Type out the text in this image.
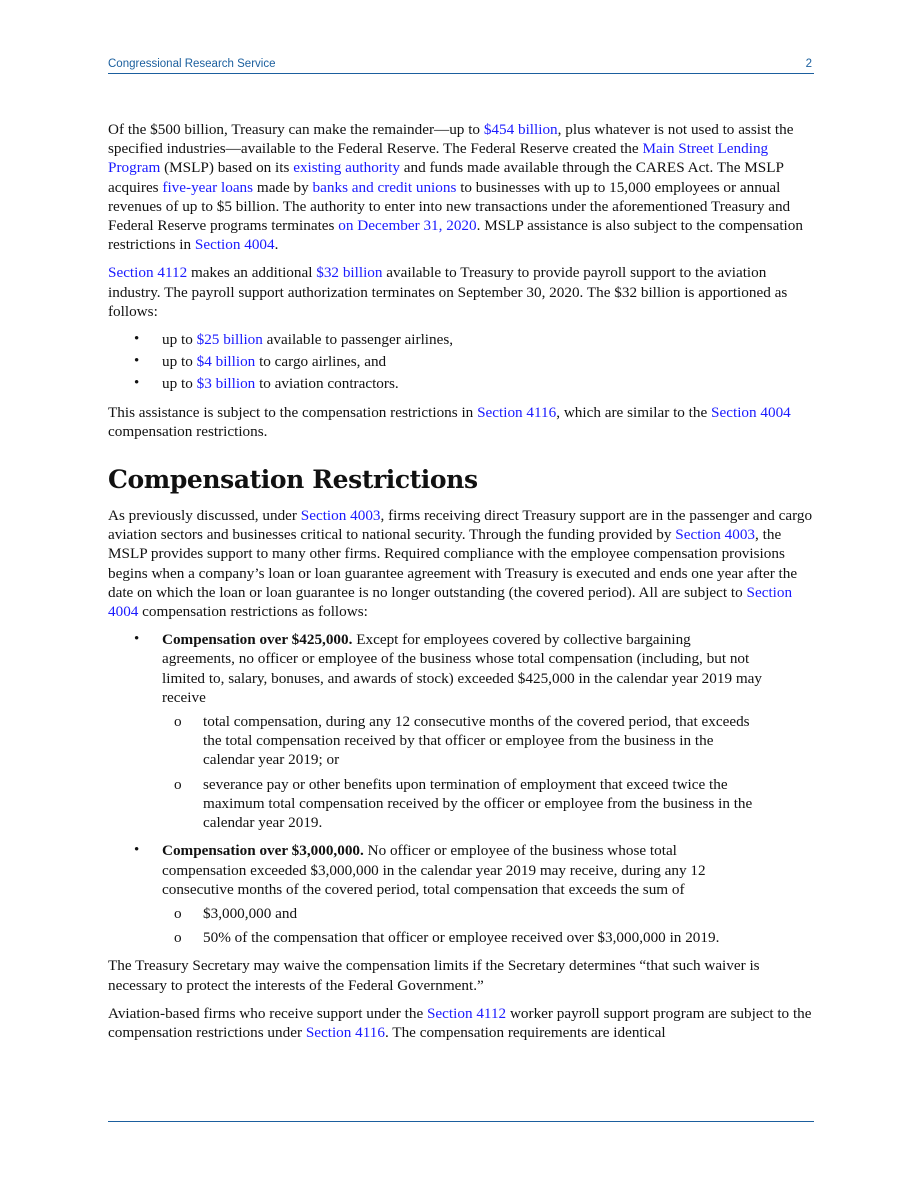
Congressional Research Service	2

Of the $500 billion, Treasury can make the remainder—up to $454 billion, plus whatever is not used to assist the specified industries—available to the Federal Reserve. The Federal Reserve created the Main Street Lending Program (MSLP) based on its existing authority and funds made available through the CARES Act. The MSLP acquires five-year loans made by banks and credit unions to businesses with up to 15,000 employees or annual revenues of up to $5 billion. The authority to enter into new transactions under the aforementioned Treasury and Federal Reserve programs terminates on December 31, 2020. MSLP assistance is also subject to the compensation restrictions in Section 4004.

Section 4112 makes an additional $32 billion available to Treasury to provide payroll support to the aviation industry. The payroll support authorization terminates on September 30, 2020. The $32 billion is apportioned as follows:

• up to $25 billion available to passenger airlines,
• up to $4 billion to cargo airlines, and
• up to $3 billion to aviation contractors.

This assistance is subject to the compensation restrictions in Section 4116, which are similar to the Section 4004 compensation restrictions.

Compensation Restrictions

As previously discussed, under Section 4003, firms receiving direct Treasury support are in the passenger and cargo aviation sectors and businesses critical to national security. Through the funding provided by Section 4003, the MSLP provides support to many other firms. Required compliance with the employee compensation provisions begins when a company’s loan or loan guarantee agreement with Treasury is executed and ends one year after the date on which the loan or loan guarantee is no longer outstanding (the covered period). All are subject to Section 4004 compensation restrictions as follows:

• Compensation over $425,000. Except for employees covered by collective bargaining agreements, no officer or employee of the business whose total compensation (including, but not limited to, salary, bonuses, and awards of stock) exceeded $425,000 in the calendar year 2019 may receive
o total compensation, during any 12 consecutive months of the covered period, that exceeds the total compensation received by that officer or employee from the business in the calendar year 2019; or
o severance pay or other benefits upon termination of employment that exceed twice the maximum total compensation received by the officer or employee from the business in the calendar year 2019.
• Compensation over $3,000,000. No officer or employee of the business whose total compensation exceeded $3,000,000 in the calendar year 2019 may receive, during any 12 consecutive months of the covered period, total compensation that exceeds the sum of
o $3,000,000 and
o 50% of the compensation that officer or employee received over $3,000,000 in 2019.

The Treasury Secretary may waive the compensation limits if the Secretary determines “that such waiver is necessary to protect the interests of the Federal Government.”

Aviation-based firms who receive support under the Section 4112 worker payroll support program are subject to the compensation restrictions under Section 4116. The compensation requirements are identical
